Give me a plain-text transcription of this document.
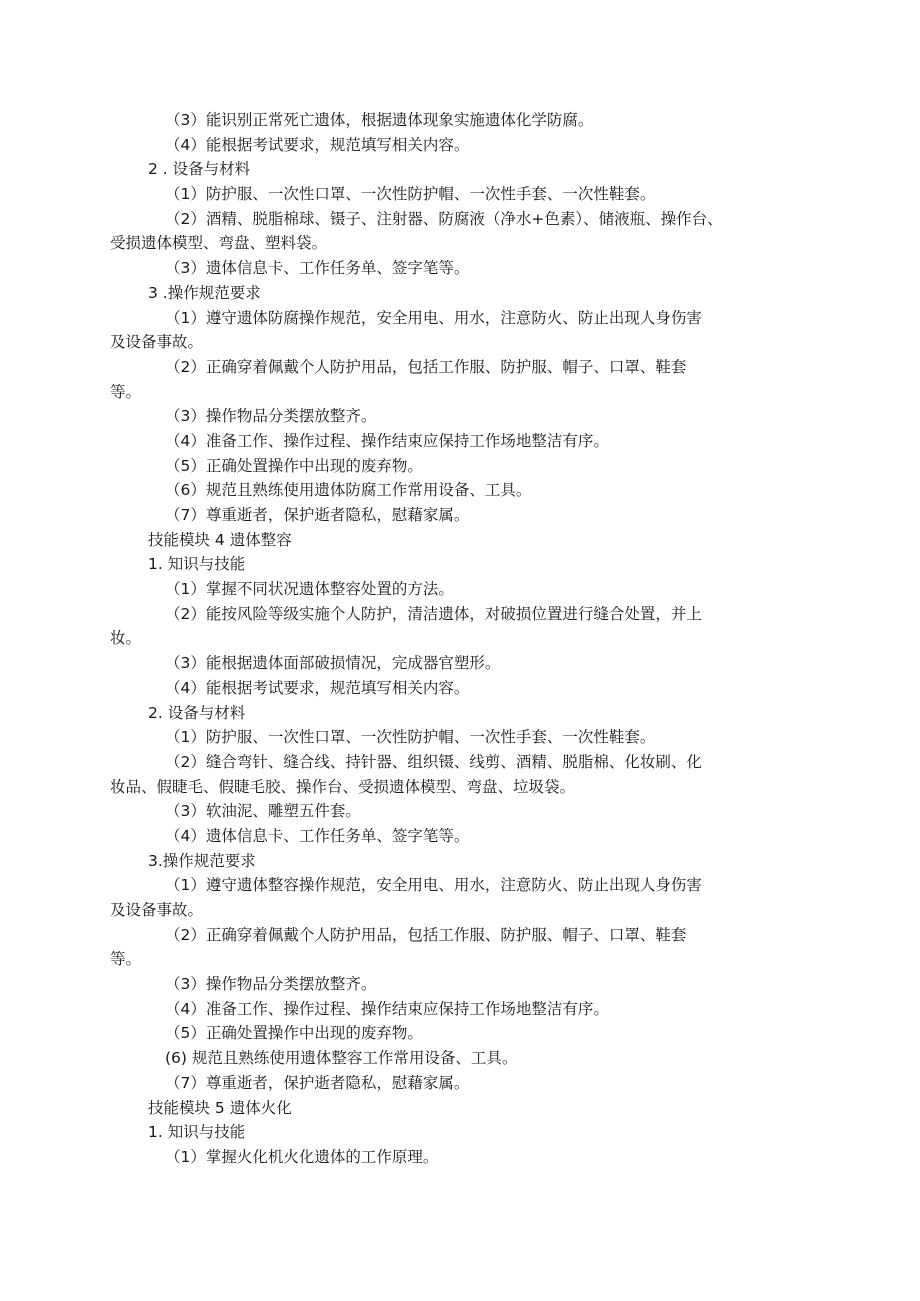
（3）能识别正常死亡遗体，根据遗体现象实施遗体化学防腐。
（4）能根据考试要求，规范填写相关内容。
2 . 设备与材料
（1）防护服、一次性口罩、一次性防护帽、一次性手套、一次性鞋套。
（2）酒精、脱脂棉球、镊子、注射器、防腐液（净水+色素）、储液瓶、操作台、
受损遗体模型、弯盘、塑料袋。
（3）遗体信息卡、工作任务单、签字笔等。
3 .操作规范要求
（1）遵守遗体防腐操作规范，安全用电、用水，注意防火、防止出现人身伤害
及设备事故。
（2）正确穿着佩戴个人防护用品，包括工作服、防护服、帽子、口罩、鞋套
等。
（3）操作物品分类摆放整齐。
（4）准备工作、操作过程、操作结束应保持工作场地整洁有序。
（5）正确处置操作中出现的废弃物。
（6）规范且熟练使用遗体防腐工作常用设备、工具。
（7）尊重逝者，保护逝者隐私，慰藉家属。
技能模块 4 遗体整容
1. 知识与技能
（1）掌握不同状况遗体整容处置的方法。
（2）能按风险等级实施个人防护，清洁遗体，对破损位置进行缝合处置，并上
妆。
（3）能根据遗体面部破损情况，完成器官塑形。
（4）能根据考试要求，规范填写相关内容。
2. 设备与材料
（1）防护服、一次性口罩、一次性防护帽、一次性手套、一次性鞋套。
（2）缝合弯针、缝合线、持针器、组织镊、线剪、酒精、脱脂棉、化妆刷、化
妆品、假睫毛、假睫毛胶、操作台、受损遗体模型、弯盘、垃圾袋。
（3）软油泥、雕塑五件套。
（4）遗体信息卡、工作任务单、签字笔等。
3.操作规范要求
（1）遵守遗体整容操作规范，安全用电、用水，注意防火、防止出现人身伤害
及设备事故。
（2）正确穿着佩戴个人防护用品，包括工作服、防护服、帽子、口罩、鞋套
等。
（3）操作物品分类摆放整齐。
（4）准备工作、操作过程、操作结束应保持工作场地整洁有序。
（5）正确处置操作中出现的废弃物。
(6) 规范且熟练使用遗体整容工作常用设备、工具。
（7）尊重逝者，保护逝者隐私，慰藉家属。
技能模块 5 遗体火化
1. 知识与技能
（1）掌握火化机火化遗体的工作原理。
